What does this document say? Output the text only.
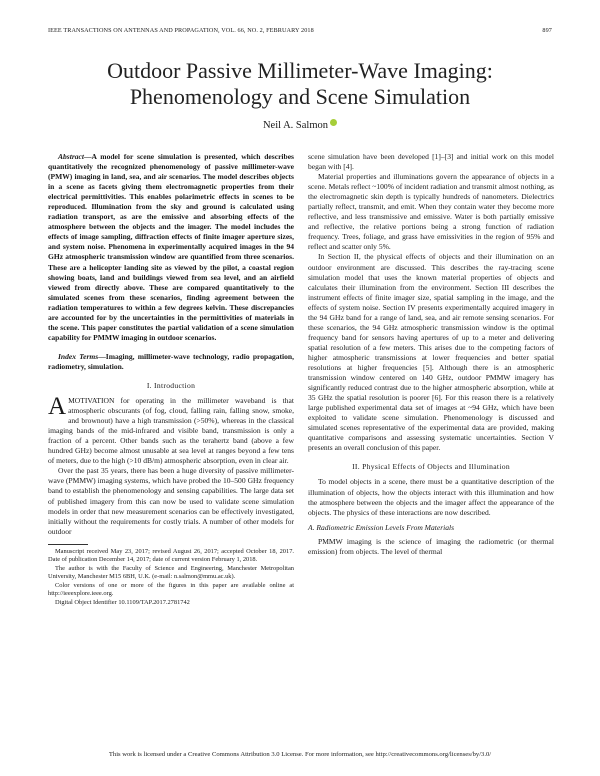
IEEE TRANSACTIONS ON ANTENNAS AND PROPAGATION, VOL. 66, NO. 2, FEBRUARY 2018	897
Outdoor Passive Millimeter-Wave Imaging:
Phenomenology and Scene Simulation
Neil A. Salmon

Abstract—A model for scene simulation is presented, which describes quantitatively the recognized phenomenology of passive millimeter-wave (PMW) imaging in land, sea, and air scenarios. The model describes objects in a scene as facets giving them electromagnetic properties from their electrical permittivities. This enables polarimetric effects in scenes to be reproduced. Illumination from the sky and ground is calculated using radiation transport, as are the emissive and absorbing effects of the atmosphere between the objects and the imager. The model includes the effects of image sampling, diffraction effects of finite imager aperture sizes, and system noise. Phenomena in experimentally acquired images in the 94 GHz atmospheric transmission window are quantified from three scenarios. These are a helicopter landing site as viewed by the pilot, a coastal region showing boats, land and buildings viewed from sea level, and an airfield viewed from directly above. These are compared quantitatively to the simulated scenes from these scenarios, finding agreement between the radiation temperatures to within a few degrees kelvin. These discrepancies are accounted for by the uncertainties in the permittivities of materials in the scene. This paper constitutes the partial validation of a scene simulation capability for PMMW imaging in outdoor scenarios.

Index Terms—Imaging, millimeter-wave technology, radio propagation, radiometry, simulation.

I. Introduction

AMOTIVATION for operating in the millimeter waveband is that atmospheric obscurants (of fog, cloud, falling rain, falling snow, smoke, and brownout) have a high transmission (>50%), whereas in the classical imaging bands of the mid-infrared and visible band, transmission is only a fraction of a percent. Other bands such as the terahertz band (above a few hundred GHz) become almost unusable at sea level at ranges beyond a few tens of meters, due to the high (>10 dB/m) atmospheric absorption, even in clear air.

Over the past 35 years, there has been a huge diversity of passive millimeter-wave (PMMW) imaging systems, which have probed the 10–500 GHz frequency band to establish the phenomenology and sensing capabilities. The large data set of published imagery from this can now be used to validate scene simulation models in order that new measurement scenarios can be effectively investigated, initially without the requirements for costly trials. A number of other models for outdoor

Manuscript received May 23, 2017; revised August 26, 2017; accepted October 18, 2017. Date of publication December 14, 2017; date of current version February 1, 2018.
The author is with the Faculty of Science and Engineering, Manchester Metropolitan University, Manchester M15 6BH, U.K. (e-mail: n.salmon@mmu.ac.uk).
Color versions of one or more of the figures in this paper are available online at http://ieeexplore.ieee.org.
Digital Object Identifier 10.1109/TAP.2017.2781742

scene simulation have been developed [1]–[3] and initial work on this model began with [4].

Material properties and illuminations govern the appearance of objects in a scene. Metals reflect ~100% of incident radiation and transmit almost nothing, as the electromagnetic skin depth is typically hundreds of nanometers. Dielectrics partially reflect, transmit, and emit. When they contain water they become more reflective, and less transmissive and emissive. Water is both partially emissive and reflective, the relative portions being a strong function of radiation frequency. Trees, foliage, and grass have emissivities in the region of 95% and reflect and scatter only 5%.

In Section II, the physical effects of objects and their illumination on an outdoor environment are discussed. This describes the ray-tracing scene simulation model that uses the known material properties of objects and calculates their illumination from the environment. Section III describes the instrument effects of finite imager size, spatial sampling in the image, and the effects of system noise. Section IV presents experimentally acquired imagery in the 94 GHz band for a range of land, sea, and air remote sensing scenarios. For these scenarios, the 94 GHz atmospheric transmission window is the optimal frequency band for sensors having apertures of up to a meter and delivering spatial resolution of a few meters. This arises due to the competing factors of higher atmospheric transmissions at lower frequencies and better spatial resolutions at higher frequencies [5]. Although there is an atmospheric transmission window centered on 140 GHz, outdoor PMMW imagery has significantly reduced contrast due to the higher atmospheric absorption, while at 35 GHz the spatial resolution is poorer [6]. For this reason there is a relatively large published experimental data set of images at ~94 GHz, which have been exploited to validate scene simulation. Phenomenology is discussed and simulated scenes representative of the experimental data are provided, making quantitative comparisons and assessing systematic uncertainties. Section V presents an overall conclusion of this paper.

II. Physical Effects of Objects and Illumination

To model objects in a scene, there must be a quantitative description of the illumination of objects, how the objects interact with this illumination and how the atmosphere between the objects and the imager affect the appearance of the objects. The physics of these interactions are now described.

A. Radiometric Emission Levels From Materials

PMMW imaging is the science of imaging the radiometric (or thermal emission) from objects. The level of thermal

This work is licensed under a Creative Commons Attribution 3.0 License. For more information, see http://creativecommons.org/licenses/by/3.0/
